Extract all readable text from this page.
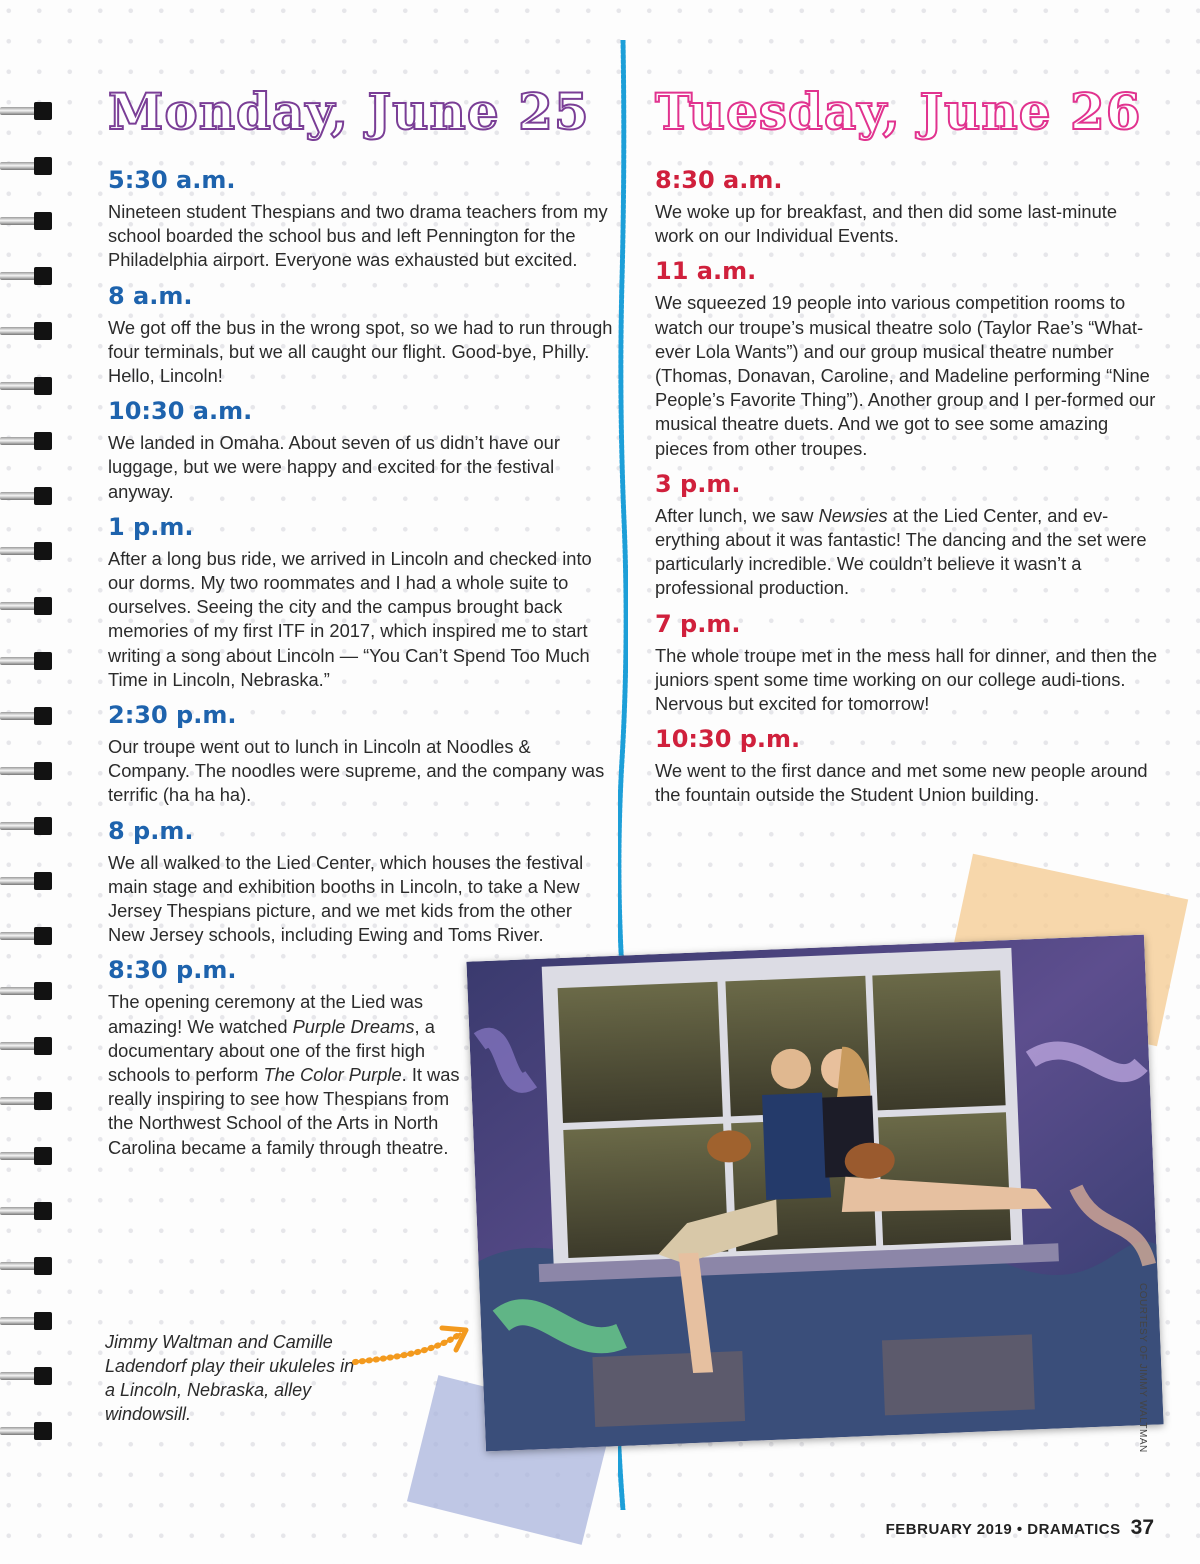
Monday, June 25 Tuesday, June 26
5:30 a.m.

Nineteen student Thespians and two drama teachers from my school boarded the school bus and left Pennington for the Philadelphia airport. Everyone was exhausted but excited.

8 a.m.

We got off the bus in the wrong spot, so we had to run through four terminals, but we all caught our flight. Good-bye, Philly. Hello, Lincoln!

10:30 a.m.

We landed in Omaha. About seven of us didn’t have our luggage, but we were happy and excited for the festival anyway.

1 p.m.

After a long bus ride, we arrived in Lincoln and checked into our dorms. My two roommates and I had a whole suite to ourselves. Seeing the city and the campus brought back memories of my first ITF in 2017, which inspired me to start writing a song about Lincoln — “You Can’t Spend Too Much Time in Lincoln, Nebraska.”

2:30 p.m.

Our troupe went out to lunch in Lincoln at Noodles & Company. The noodles were supreme, and the company was terrific (ha ha ha).

8 p.m.

We all walked to the Lied Center, which houses the festival main stage and exhibition booths in Lincoln, to take a New Jersey Thespians picture, and we met kids from the other New Jersey schools, including Ewing and Toms River.

8:30 p.m.

The opening ceremony at the Lied was amazing! We watched Purple Dreams, a documentary about one of the first high schools to perform The Color Purple. It was really inspiring to see how Thespians from the Northwest School of the Arts in North Carolina became a family through theatre.

8:30 a.m.

We woke up for breakfast, and then did some last-minute work on our Individual Events.

11 a.m.

We squeezed 19 people into various competition rooms to watch our troupe’s musical theatre solo (Taylor Rae’s “What-ever Lola Wants”) and our group musical theatre number (Thomas, Donavan, Caroline, and Madeline performing “Nine People’s Favorite Thing”). Another group and I per-formed our musical theatre duets. And we got to see some amazing pieces from other troupes.

3 p.m.

After lunch, we saw Newsies at the Lied Center, and ev-erything about it was fantastic! The dancing and the set were particularly incredible. We couldn’t believe it wasn’t a professional production.

7 p.m.

The whole troupe met in the mess hall for dinner, and then the juniors spent some time working on our college audi-tions. Nervous but excited for tomorrow!

10:30 p.m.

We went to the first dance and met some new people around the fountain outside the Student Union building.

COURTESY OF JIMMY WALTMAN

Jimmy Waltman and Camille Ladendorf play their ukuleles in a Lincoln, Nebraska, alley windowsill.

FEBRUARY 2019 • DRAMATICS 37
